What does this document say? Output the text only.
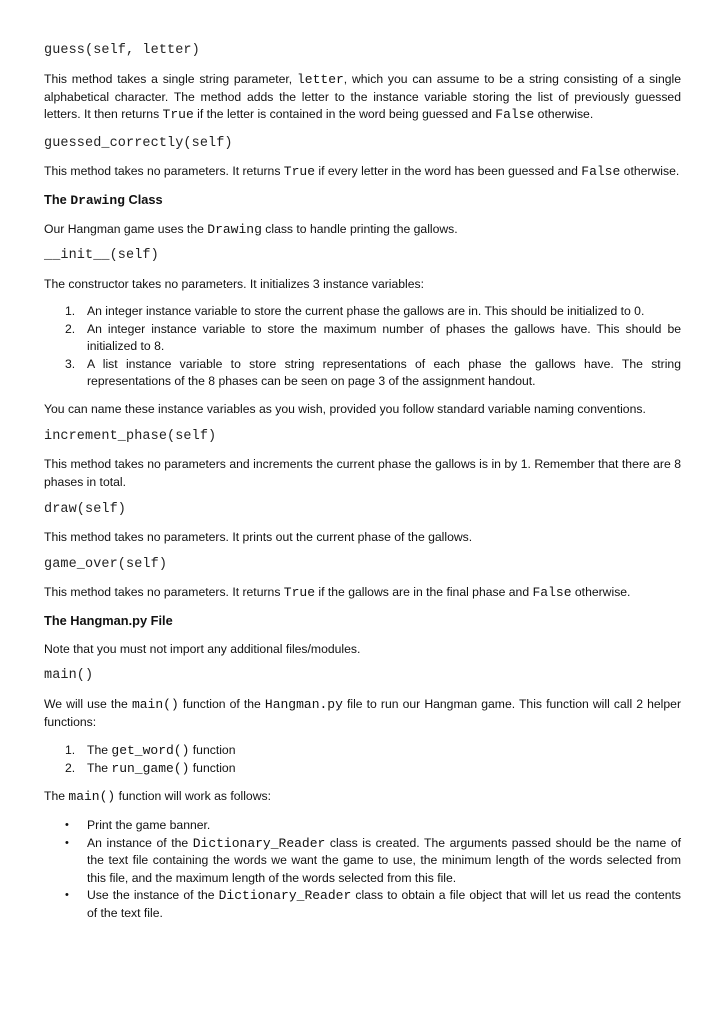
guess(self, letter)
This method takes a single string parameter, letter, which you can assume to be a string consisting of a single alphabetical character. The method adds the letter to the instance variable storing the list of previously guessed letters. It then returns True if the letter is contained in the word being guessed and False otherwise.
guessed_correctly(self)
This method takes no parameters. It returns True if every letter in the word has been guessed and False otherwise.
The Drawing Class
Our Hangman game uses the Drawing class to handle printing the gallows.
__init__(self)
The constructor takes no parameters. It initializes 3 instance variables:
1. An integer instance variable to store the current phase the gallows are in. This should be initialized to 0.
2. An integer instance variable to store the maximum number of phases the gallows have. This should be initialized to 8.
3. A list instance variable to store string representations of each phase the gallows have. The string representations of the 8 phases can be seen on page 3 of the assignment handout.
You can name these instance variables as you wish, provided you follow standard variable naming conventions.
increment_phase(self)
This method takes no parameters and increments the current phase the gallows is in by 1. Remember that there are 8 phases in total.
draw(self)
This method takes no parameters. It prints out the current phase of the gallows.
game_over(self)
This method takes no parameters. It returns True if the gallows are in the final phase and False otherwise.
The Hangman.py File
Note that you must not import any additional files/modules.
main()
We will use the main() function of the Hangman.py file to run our Hangman game. This function will call 2 helper functions:
1. The get_word() function
2. The run_game() function
The main() function will work as follows:
• Print the game banner.
• An instance of the Dictionary_Reader class is created. The arguments passed should be the name of the text file containing the words we want the game to use, the minimum length of the words selected from this file, and the maximum length of the words selected from this file.
• Use the instance of the Dictionary_Reader class to obtain a file object that will let us read the contents of the text file.
